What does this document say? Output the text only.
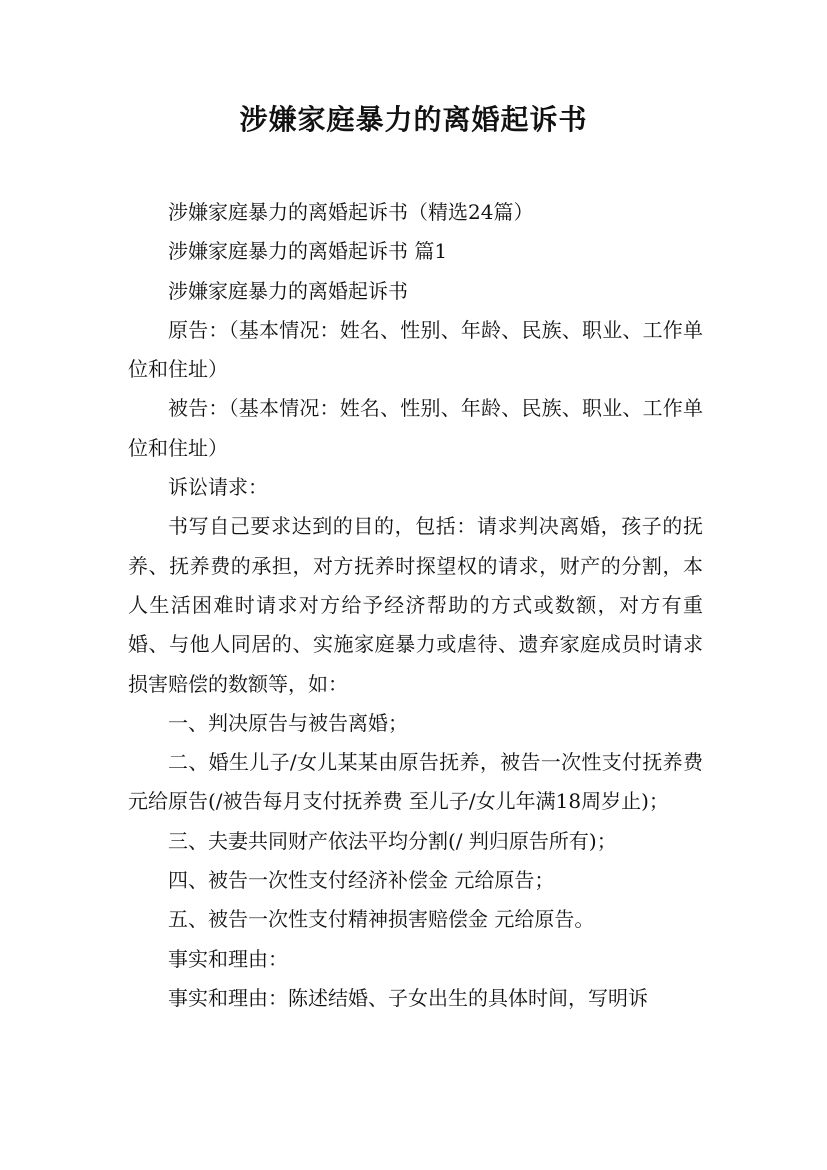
涉嫌家庭暴力的离婚起诉书

涉嫌家庭暴力的离婚起诉书（精选24篇）

涉嫌家庭暴力的离婚起诉书 篇1

涉嫌家庭暴力的离婚起诉书

原告：（基本情况：姓名、性别、年龄、民族、职业、工作单位和住址）

被告：（基本情况：姓名、性别、年龄、民族、职业、工作单位和住址）

诉讼请求：

书写自己要求达到的目的，包括：请求判决离婚，孩子的抚养、抚养费的承担，对方抚养时探望权的请求，财产的分割，本人生活困难时请求对方给予经济帮助的方式或数额，对方有重婚、与他人同居的、实施家庭暴力或虐待、遗弃家庭成员时请求损害赔偿的数额等，如：

一、判决原告与被告离婚；

二、婚生儿子/女儿某某由原告抚养，被告一次性支付抚养费 元给原告(/被告每月支付抚养费 至儿子/女儿年满18周岁止)；

三、夫妻共同财产依法平均分割(/ 判归原告所有)；

四、被告一次性支付经济补偿金 元给原告；

五、被告一次性支付精神损害赔偿金 元给原告。

事实和理由：

事实和理由：陈述结婚、子女出生的具体时间，写明诉
